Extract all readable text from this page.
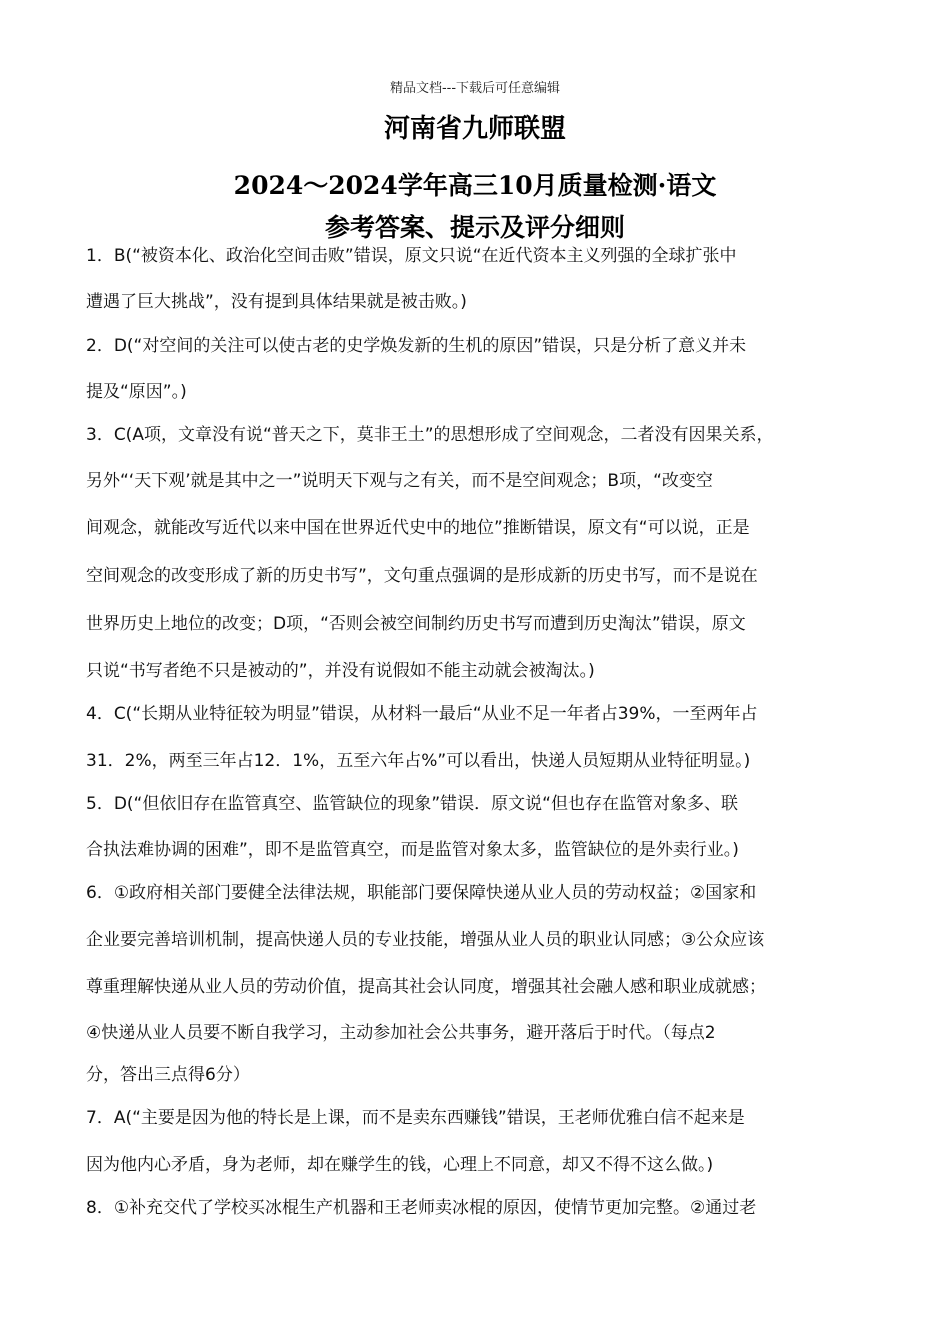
精品文档---下载后可任意编辑
河南省九师联盟
2024～2024学年高三10月质量检测·语文
参考答案、提示及评分细则
1．B(“被资本化、政治化空间击败”错误，原文只说“在近代资本主义列强的全球扩张中
遭遇了巨大挑战”，没有提到具体结果就是被击败。)
2．D(“对空间的关注可以使古老的史学焕发新的生机的原因”错误，只是分析了意义并未
提及“原因”。)
3．C(A项，文章没有说“普天之下，莫非王土”的思想形成了空间观念，二者没有因果关系，
另外“‘天下观’就是其中之一”说明天下观与之有关，而不是空间观念；B项，“改变空
间观念，就能改写近代以来中国在世界近代史中的地位”推断错误，原文有“可以说，正是
空间观念的改变形成了新的历史书写”，文句重点强调的是形成新的历史书写，而不是说在
世界历史上地位的改变；D项，“否则会被空间制约历史书写而遭到历史淘汰”错误，原文
只说“书写者绝不只是被动的”，并没有说假如不能主动就会被淘汰。)
4．C(“长期从业特征较为明显”错误，从材料一最后“从业不足一年者占39%，一至两年占
31．2%，两至三年占12．1%，五至六年占%”可以看出，快递人员短期从业特征明显。)
5．D(“但依旧存在监管真空、监管缺位的现象”错误．原文说“但也存在监管对象多、联
合执法难协调的困难”，即不是监管真空，而是监管对象太多，监管缺位的是外卖行业。)
6．①政府相关部门要健全法律法规，职能部门要保障快递从业人员的劳动权益；②国家和
企业要完善培训机制，提高快递人员的专业技能，增强从业人员的职业认同感；③公众应该
尊重理解快递从业人员的劳动价值，提高其社会认同度，增强其社会融人感和职业成就感；
④快递从业人员要不断自我学习，主动参加社会公共事务，避开落后于时代。（每点2
分，答出三点得6分）
7．A(“主要是因为他的特长是上课，而不是卖东西赚钱”错误，王老师优雅白信不起来是
因为他内心矛盾，身为老师，却在赚学生的钱，心理上不同意，却又不得不这么做。)
8．①补充交代了学校买冰棍生产机器和王老师卖冰棍的原因，使情节更加完整。②通过老
